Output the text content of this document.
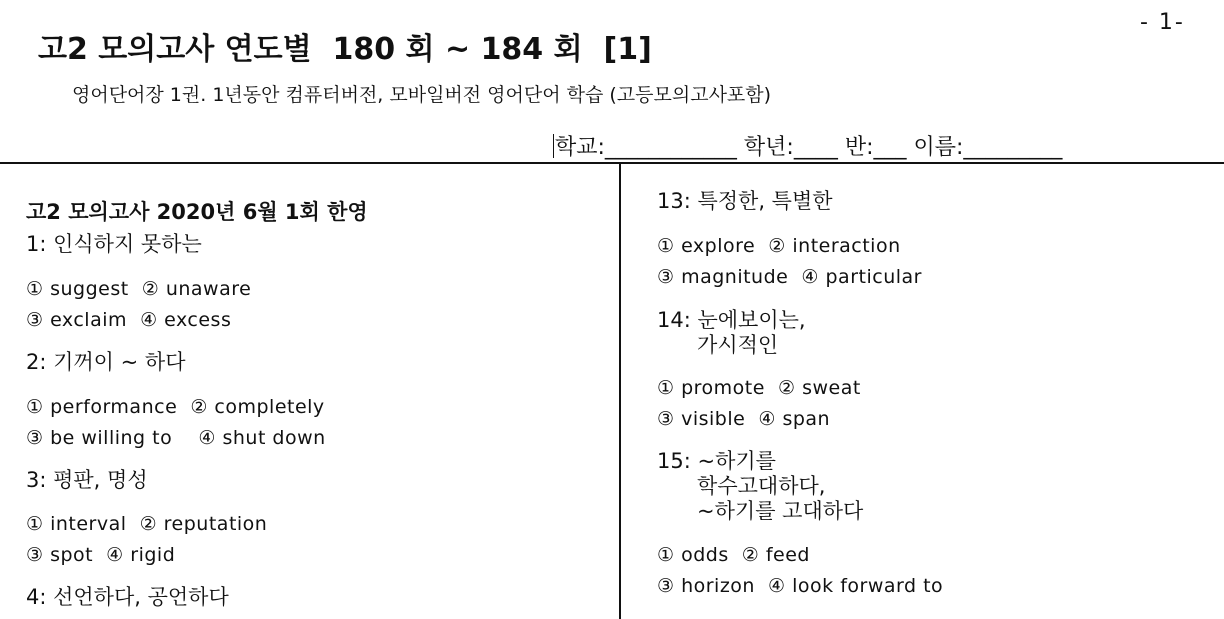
- 1-
고2 모의고사 연도별  180 회 ~ 184 회  [1]
영어단어장 1권. 1년동안 컴퓨터버전, 모바일버전 영어단어 학습 (고등모의고사포함)
학교:____________ 학년:____ 반:___ 이름:_________
고2 모의고사 2020년 6월 1회 한영
1: 인식하지 못하는
① suggest  ② unaware
③ exclaim  ④ excess
2: 기꺼이 ~ 하다
① performance  ② completely
③ be willing to    ④ shut down
3: 평판, 명성
① interval  ② reputation
③ spot  ④ rigid
4: 선언하다, 공언하다
13: 특정한, 특별한
① explore  ② interaction
③ magnitude  ④ particular
14: 눈에보이는,
가시적인
① promote  ② sweat
③ visible  ④ span
15: ~하기를
학수고대하다,
~하기를 고대하다
① odds  ② feed
③ horizon  ④ look forward to
